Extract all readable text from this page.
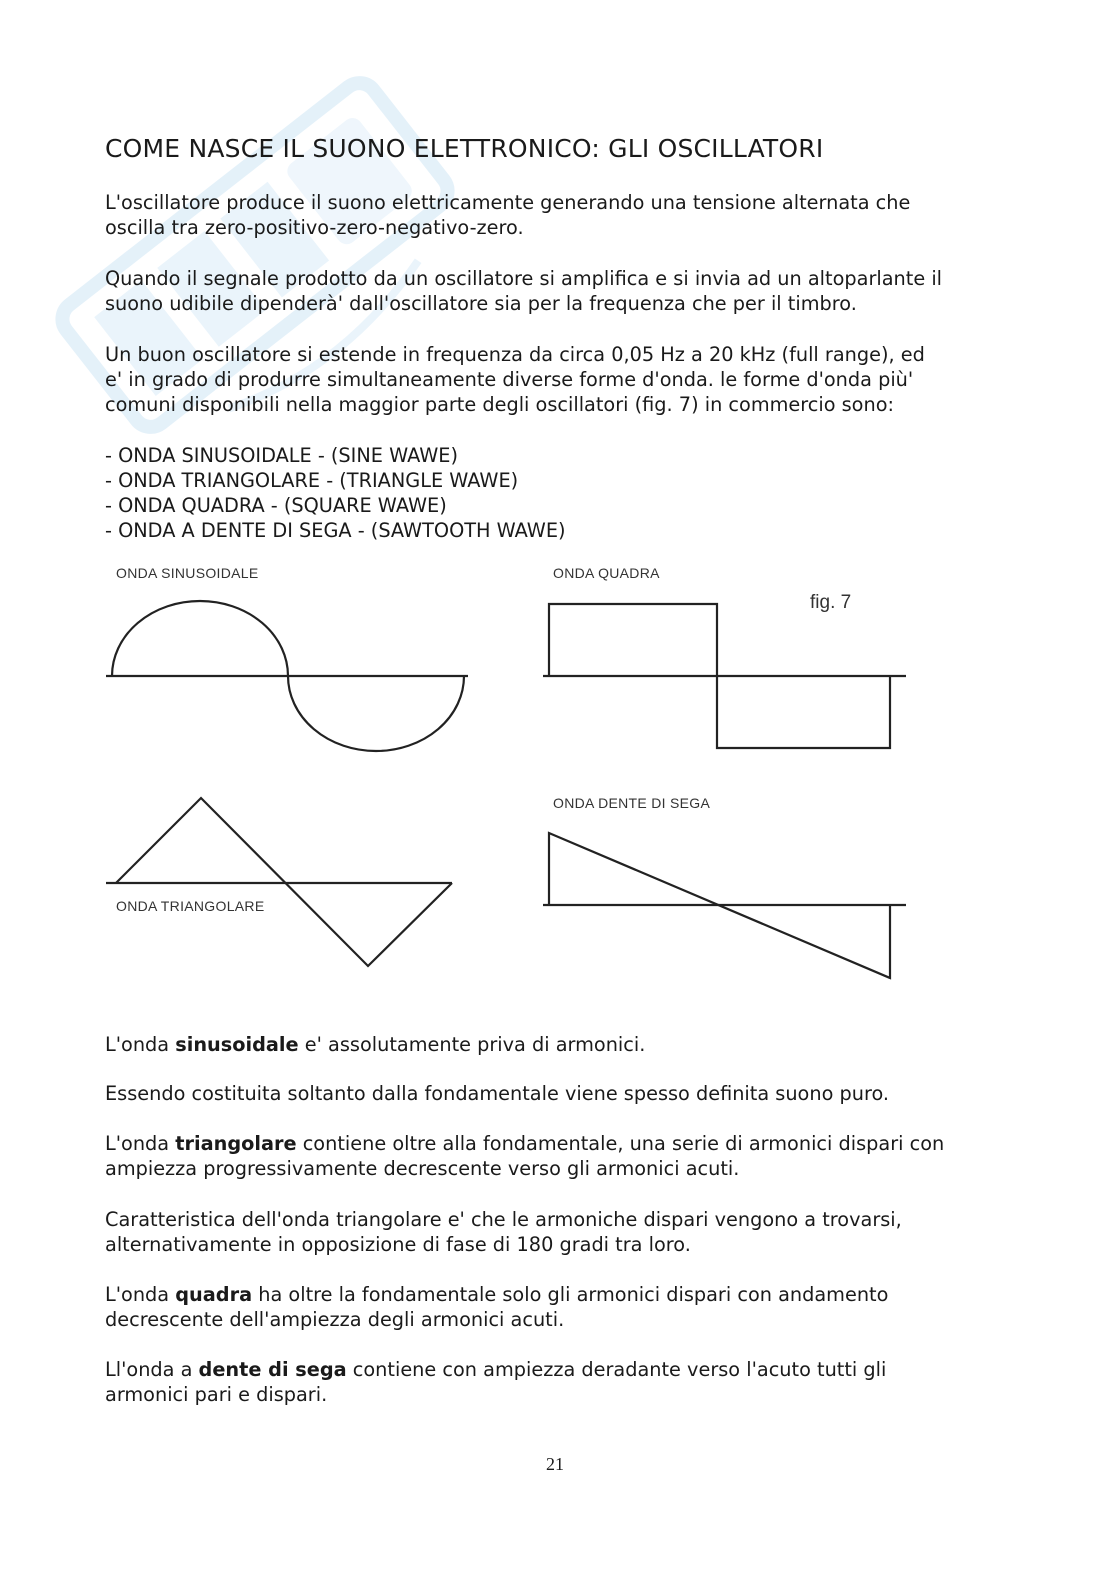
COME NASCE IL SUONO ELETTRONICO: GLI OSCILLATORI

L'oscillatore produce il suono elettricamente generando una tensione alternata che
oscilla tra zero-positivo-zero-negativo-zero.

Quando il segnale prodotto da un oscillatore si amplifica e si invia ad un altoparlante il
suono udibile dipenderà' dall'oscillatore sia per la frequenza che per il timbro.

Un buon oscillatore si estende in frequenza da circa 0,05 Hz a 20 kHz (full range), ed
e' in grado di produrre simultaneamente diverse forme d'onda. le forme d'onda più'
comuni disponibili nella maggior parte degli oscillatori (fig. 7) in commercio sono:

- ONDA SINUSOIDALE - (SINE WAWE)
- ONDA TRIANGOLARE - (TRIANGLE WAWE)
- ONDA QUADRA - (SQUARE WAWE)
- ONDA A DENTE DI SEGA - (SAWTOOTH WAWE)

L'onda sinusoidale e' assolutamente priva di armonici.

Essendo costituita soltanto dalla fondamentale viene spesso definita suono puro.

L'onda triangolare contiene oltre alla fondamentale, una serie di armonici dispari con
ampiezza progressivamente decrescente verso gli armonici acuti.

Caratteristica dell'onda triangolare e' che le armoniche dispari vengono a trovarsi,
alternativamente in opposizione di fase di 180 gradi tra loro.

L'onda quadra ha oltre la fondamentale solo gli armonici dispari con andamento
decrescente dell'ampiezza degli armonici acuti.

Ll'onda a dente di sega contiene con ampiezza deradante verso l'acuto tutti gli
armonici pari e dispari.

21
ONDA SINUSOIDALE	ONDA QUADRA
fig. 7
ONDA TRIANGOLARE
ONDA DENTE DI SEGA
